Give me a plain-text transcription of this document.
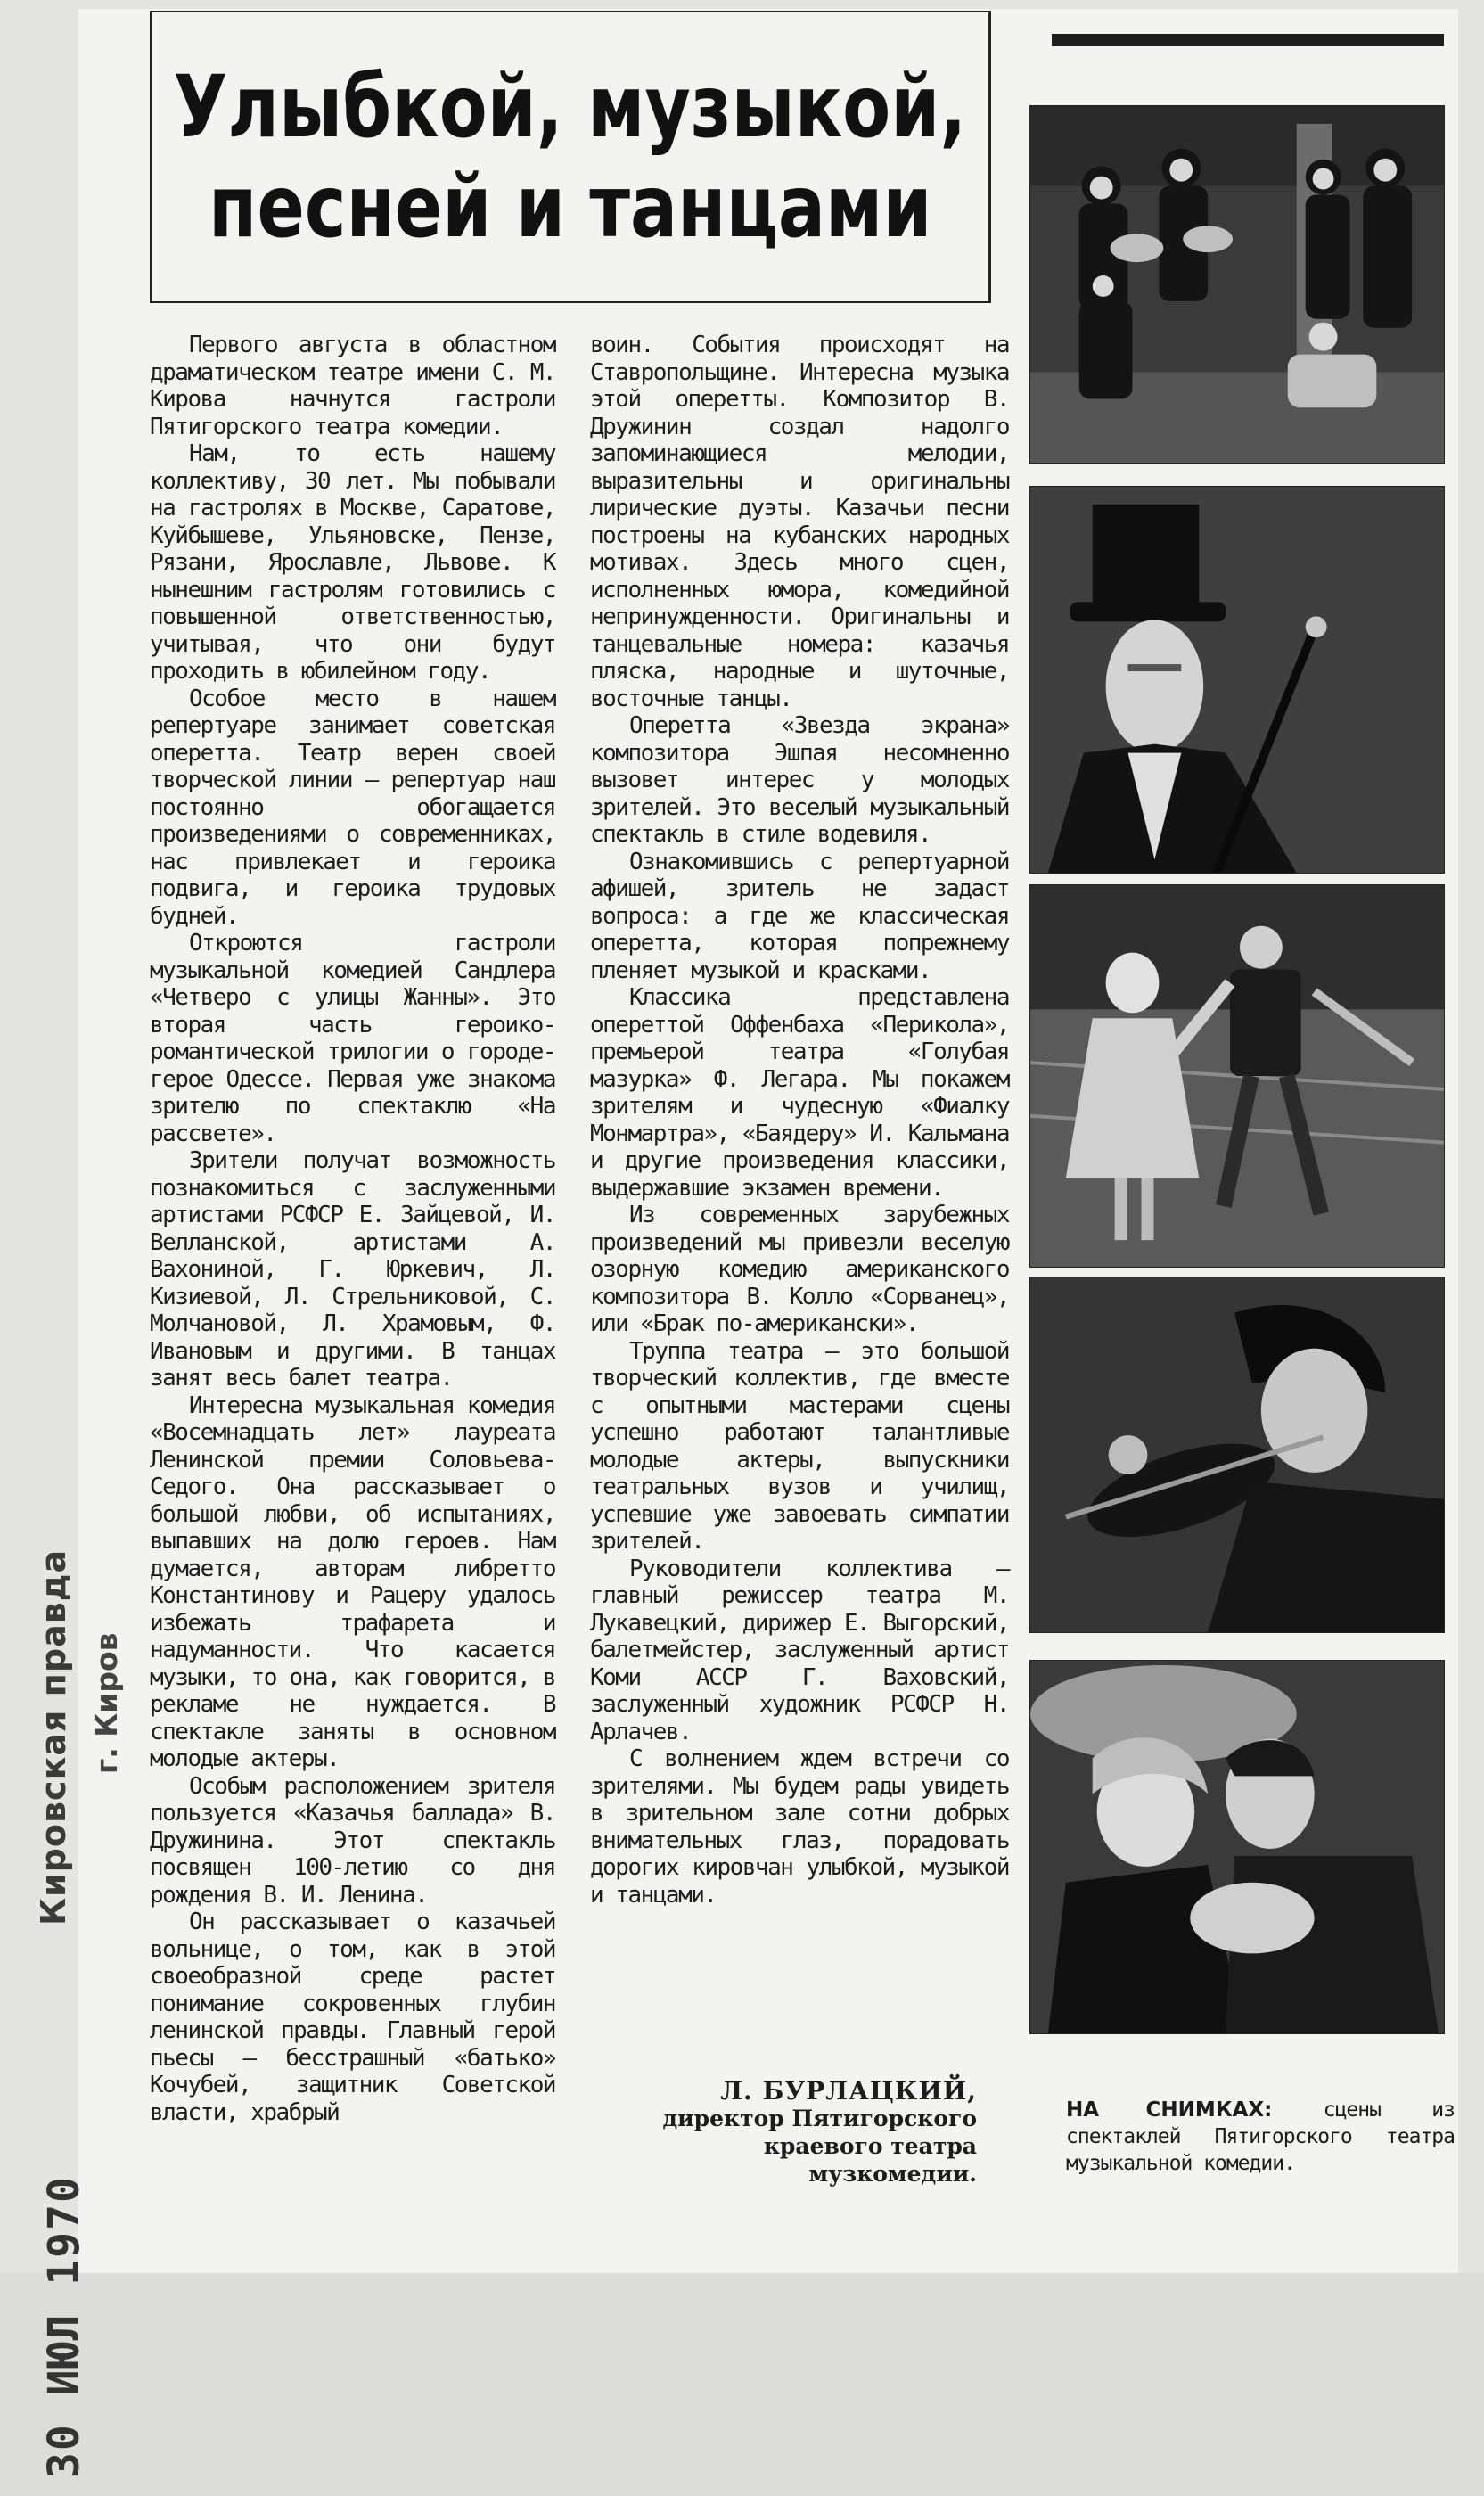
Кировская правда г. Киров
30 ИЮЛ 1970
Улыбкой, музыкой,
песней и танцами

Первого августа в областном драматическом театре имени С. М. Кирова начнутся гастроли Пятигорского театра комедии.

Нам, то есть нашему коллективу, 30 лет. Мы побывали на гастролях в Москве, Саратове, Куйбышеве, Ульяновске, Пензе, Рязани, Ярославле, Львове. К нынешним гастролям готовились с повышенной ответственностью, учитывая, что они будут проходить в юбилейном году.

Особое место в нашем репертуаре занимает советская оперетта. Театр верен своей творческой линии — репертуар наш постоянно обогащается произведениями о современниках, нас привлекает и героика подвига, и героика трудовых будней.

Откроются гастроли музыкальной комедией Сандлера «Четверо с улицы Жанны». Это вторая часть героико-романтической трилогии о городе-герое Одессе. Первая уже знакома зрителю по спектаклю «На рассвете».

Зрители получат возможность познакомиться с заслуженными артистами РСФСР Е. Зайцевой, И. Велланской, артистами А. Вахониной, Г. Юркевич, Л. Кизиевой, Л. Стрельниковой, С. Молчановой, Л. Храмовым, Ф. Ивановым и другими. В танцах занят весь балет театра.

Интересна музыкальная комедия «Восемнадцать лет» лауреата Ленинской премии Соловьева-Седого. Она рассказывает о большой любви, об испытаниях, выпавших на долю героев. Нам думается, авторам либретто Константинову и Рацеру удалось избежать трафарета и надуманности. Что касается музыки, то она, как говорится, в рекламе не нуждается. В спектакле заняты в основном молодые актеры.

Особым расположением зрителя пользуется «Казачья баллада» В. Дружинина. Этот спектакль посвящен 100-летию со дня рождения В. И. Ленина.

Он рассказывает о казачьей вольнице, о том, как в этой своеобразной среде растет понимание сокровенных глубин ленинской правды. Главный герой пьесы — бесстрашный «батько» Кочубей, защитник Советской власти, храбрый

воин. События происходят на Ставропольщине. Интересна музыка этой оперетты. Композитор В. Дружинин создал надолго запоминающиеся мелодии, выразительны и оригинальны лирические дуэты. Казачьи песни построены на кубанских народных мотивах. Здесь много сцен, исполненных юмора, комедийной непринужденности. Оригинальны и танцевальные номера: казачья пляска, народные и шуточные, восточные танцы.

Оперетта «Звезда экрана» композитора Эшпая несомненно вызовет интерес у молодых зрителей. Это веселый музыкальный спектакль в стиле водевиля.

Ознакомившись с репертуарной афишей, зритель не задаст вопроса: а где же классическая оперетта, которая попрежнему пленяет музыкой и красками.

Классика представлена опереттой Оффенбаха «Перикола», премьерой театра «Голубая мазурка» Ф. Легара. Мы покажем зрителям и чудесную «Фиалку Монмартра», «Баядеру» И. Кальмана и другие произведения классики, выдержавшие экзамен времени.

Из современных зарубежных произведений мы привезли веселую озорную комедию американского композитора В. Колло «Сорванец», или «Брак по-американски».

Труппа театра — это большой творческий коллектив, где вместе с опытными мастерами сцены успешно работают талантливые молодые актеры, выпускники театральных вузов и училищ, успевшие уже завоевать симпатии зрителей.

Руководители коллектива — главный режиссер театра М. Лукавецкий, дирижер Е. Выгорский, балетмейстер, заслуженный артист Коми АССР Г. Ваховский, заслуженный художник РСФСР Н. Арлачев.

С волнением ждем встречи со зрителями. Мы будем рады увидеть в зрительном зале сотни добрых внимательных глаз, порадовать дорогих кировчан улыбкой, музыкой и танцами.

Л. БУРЛАЦКИЙ,
директор Пятигорского
краевого театра музкомедии.
НА СНИМКАХ: сцены из спектаклей Пятигорского театра музыкальной комедии.
